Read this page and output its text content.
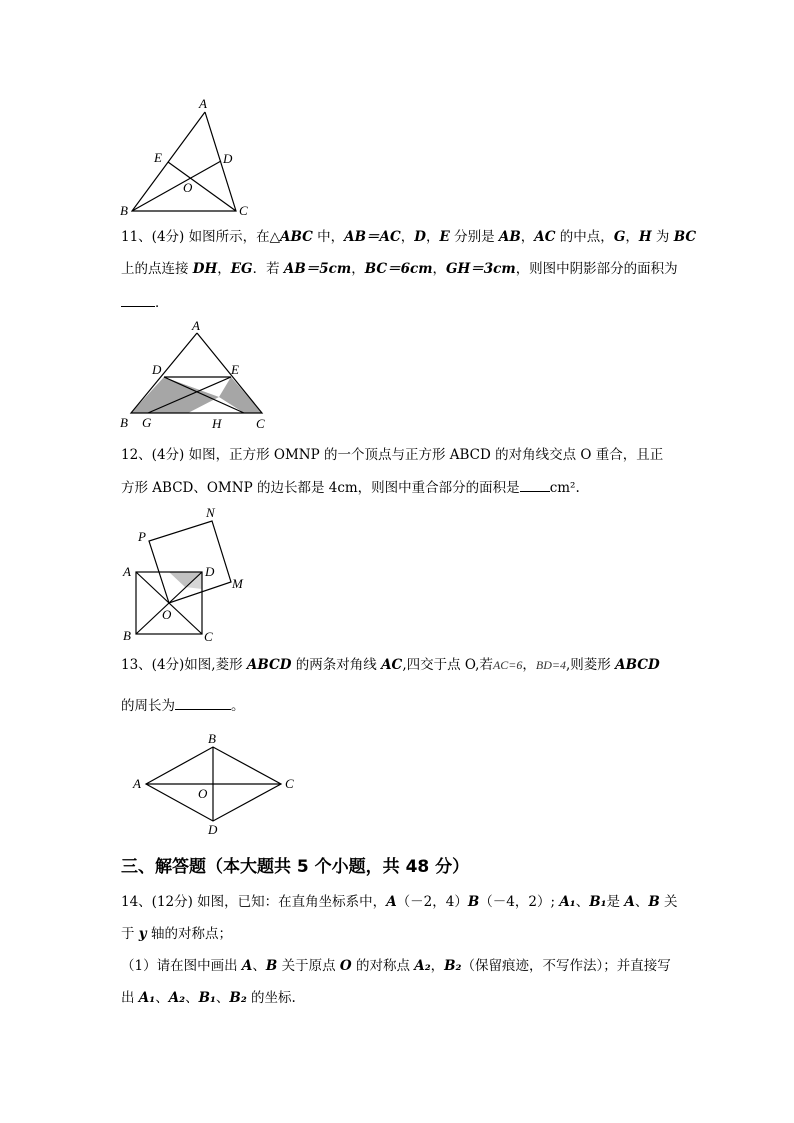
A
B	C
D
E
O
11、(4分) 如图所示，在△ABC 中，AB＝AC，D，E 分别是 AB，AC 的中点，G，H 为 BC
上的点连接 DH，EG．若 AB＝5cm，BC＝6cm，GH＝3cm，则图中阴影部分的面积为
．
A
B G	H	C
D	E
12、(4分) 如图，正方形 OMNP 的一个顶点与正方形 ABCD 的对角线交点 O 重合，且正
方形 ABCD、OMNP 的边长都是 4cm，则图中重合部分的面积是 cm².
A
B	C
D
M
N
O
P
13、(4分)如图,菱形 ABCD 的两条对角线 AC,四交于点 O,若AC=6，BD=4,则菱形 ABCD
的周长为	。
A
B
C
D
O
三、解答题（本大题共 5 个小题，共 48 分）
14、(12分) 如图，已知：在直角坐标系中，A（－2，4）B（－4，2）; A₁、B₁是 A、B 关
于 y 轴的对称点；
（1）请在图中画出 A、B 关于原点 O 的对称点 A₂，B₂（保留痕迹，不写作法）；并直接写
出 A₁、A₂、B₁、B₂ 的坐标.
